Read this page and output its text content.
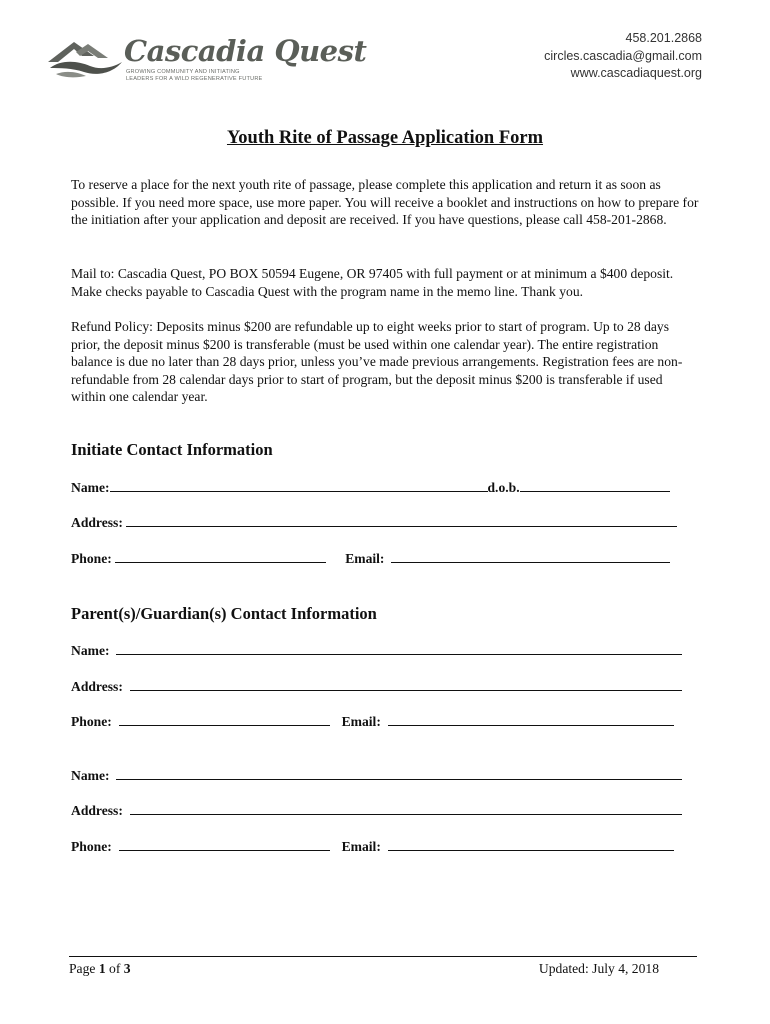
Cascadia Quest
GROWING COMMUNITY AND INITIATING
LEADERS FOR A WILD REGENERATIVE FUTURE
458.201.2868
circles.cascadia@gmail.com
www.cascadiaquest.org
Youth Rite of Passage Application Form
To reserve a place for the next youth rite of passage, please complete this application and return it as soon as possible. If you need more space, use more paper. You will receive a booklet and instructions on how to prepare for the initiation after your application and deposit are received. If you have questions, please call 458-201-2868.
Mail to: Cascadia Quest, PO BOX 50594 Eugene, OR 97405 with full payment or at minimum a $400 deposit. Make checks payable to Cascadia Quest with the program name in the memo line. Thank you.
Refund Policy: Deposits minus $200 are refundable up to eight weeks prior to start of program. Up to 28 days prior, the deposit minus $200 is transferable (must be used within one calendar year). The entire registration balance is due no later than 28 days prior, unless you’ve made previous arrangements. Registration fees are non-refundable from 28 calendar days prior to start of program, but the deposit minus $200 is transferable if used within one calendar year.
Initiate Contact Information
Name:	d.o.b.
Address:
Phone:	Email:
Parent(s)/Guardian(s) Contact Information
Name:
Address:
Phone:	Email:
Name:
Address:
Phone:	Email:
Page 1 of 3	Updated: July 4, 2018
